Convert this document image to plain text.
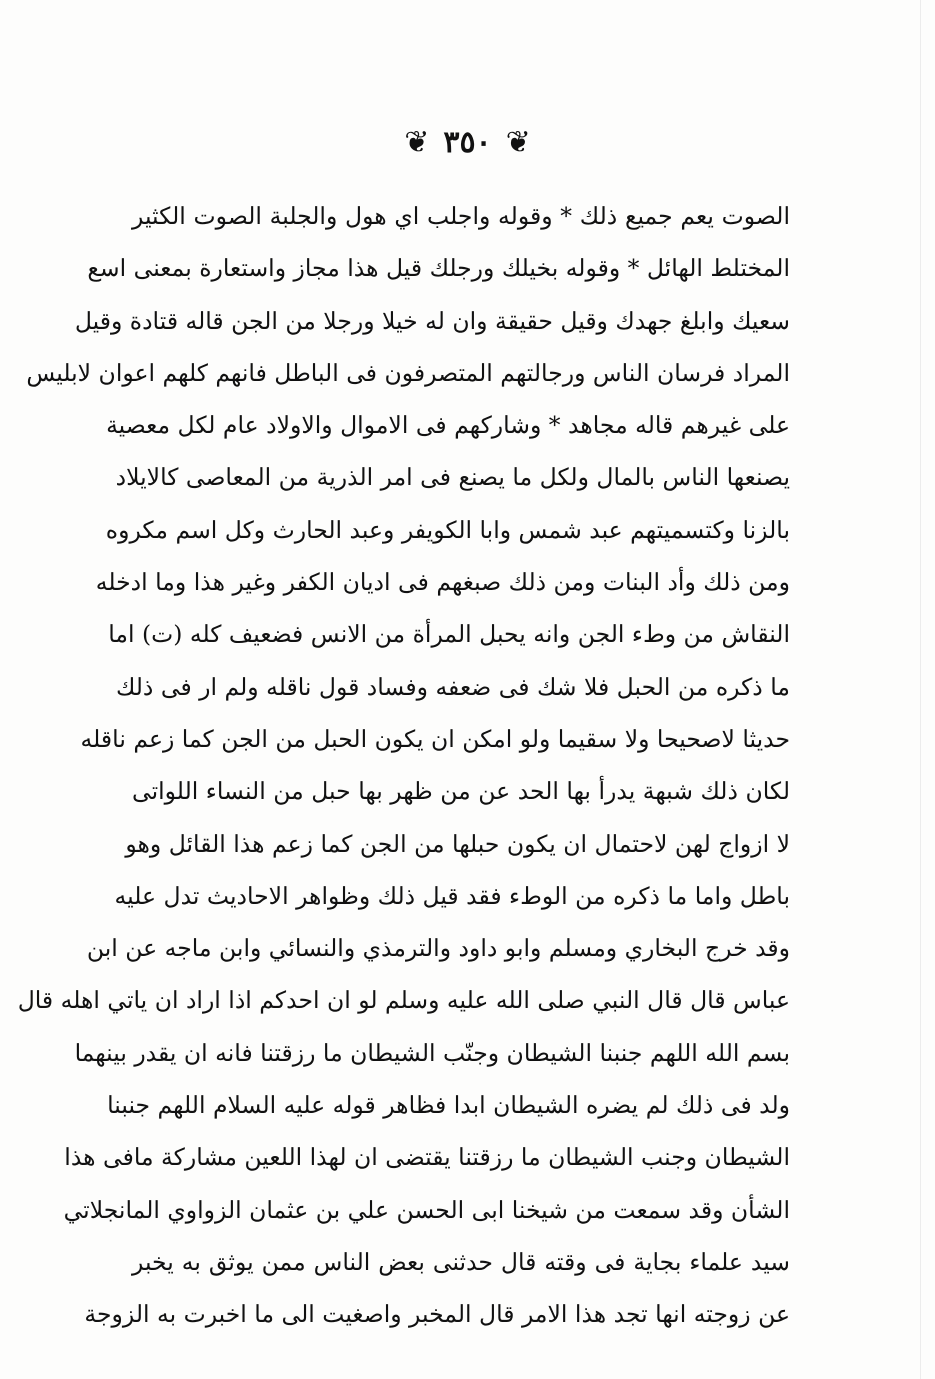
❦
٣٥٠
❦
الصوت يعم جميع ذلك * وقوله واجلب اي هول والجلبة الصوت الكثير
المختلط الهائل * وقوله بخيلك ورجلك قيل هذا مجاز واستعارة بمعنى اسع
سعيك وابلغ جهدك وقيل حقيقة وان له خيلا ورجلا من الجن قاله قتادة وقيل
المراد فرسان الناس ورجالتهم المتصرفون فى الباطل فانهم كلهم اعوان لابليس
على غيرهم قاله مجاهد * وشاركهم فى الاموال والاولاد عام لكل معصية
يصنعها الناس بالمال ولكل ما يصنع فى امر الذرية من المعاصى كالايلاد
بالزنا وكتسميتهم عبد شمس وابا الكويفر وعبد الحارث وكل اسم مكروه
ومن ذلك وأد البنات ومن ذلك صبغهم فى اديان الكفر وغير هذا وما ادخله
النقاش من وطء الجن وانه يحبل المرأة من الانس فضعيف كله (ت) اما
ما ذكره من الحبل فلا شك فى ضعفه وفساد قول ناقله ولم ار فى ذلك
حديثا لاصحيحا ولا سقيما ولو امكن ان يكون الحبل من الجن كما زعم ناقله
لكان ذلك شبهة يدرأ بها الحد عن من ظهر بها حبل من النساء اللواتى
لا ازواج لهن لاحتمال ان يكون حبلها من الجن كما زعم هذا القائل وهو
باطل واما ما ذكره من الوطء فقد قيل ذلك وظواهر الاحاديث تدل عليه
وقد خرج البخاري ومسلم وابو داود والترمذي والنسائي وابن ماجه عن ابن
عباس قال قال النبي صلى الله عليه وسلم لو ان احدكم اذا اراد ان ياتي اهله قال
بسم الله اللهم جنبنا الشيطان وجنّب الشيطان ما رزقتنا فانه ان يقدر بينهما
ولد فى ذلك لم يضره الشيطان ابدا فظاهر قوله عليه السلام اللهم جنبنا
الشيطان وجنب الشيطان ما رزقتنا يقتضى ان لهذا اللعين مشاركة مافى هذا
الشأن وقد سمعت من شيخنا ابى الحسن علي بن عثمان الزواوي المانجلاتي
سيد علماء بجاية فى وقته قال حدثنى بعض الناس ممن يوثق به يخبر
عن زوجته انها تجد هذا الامر قال المخبر واصغيت الى ما اخبرت به الزوجة
